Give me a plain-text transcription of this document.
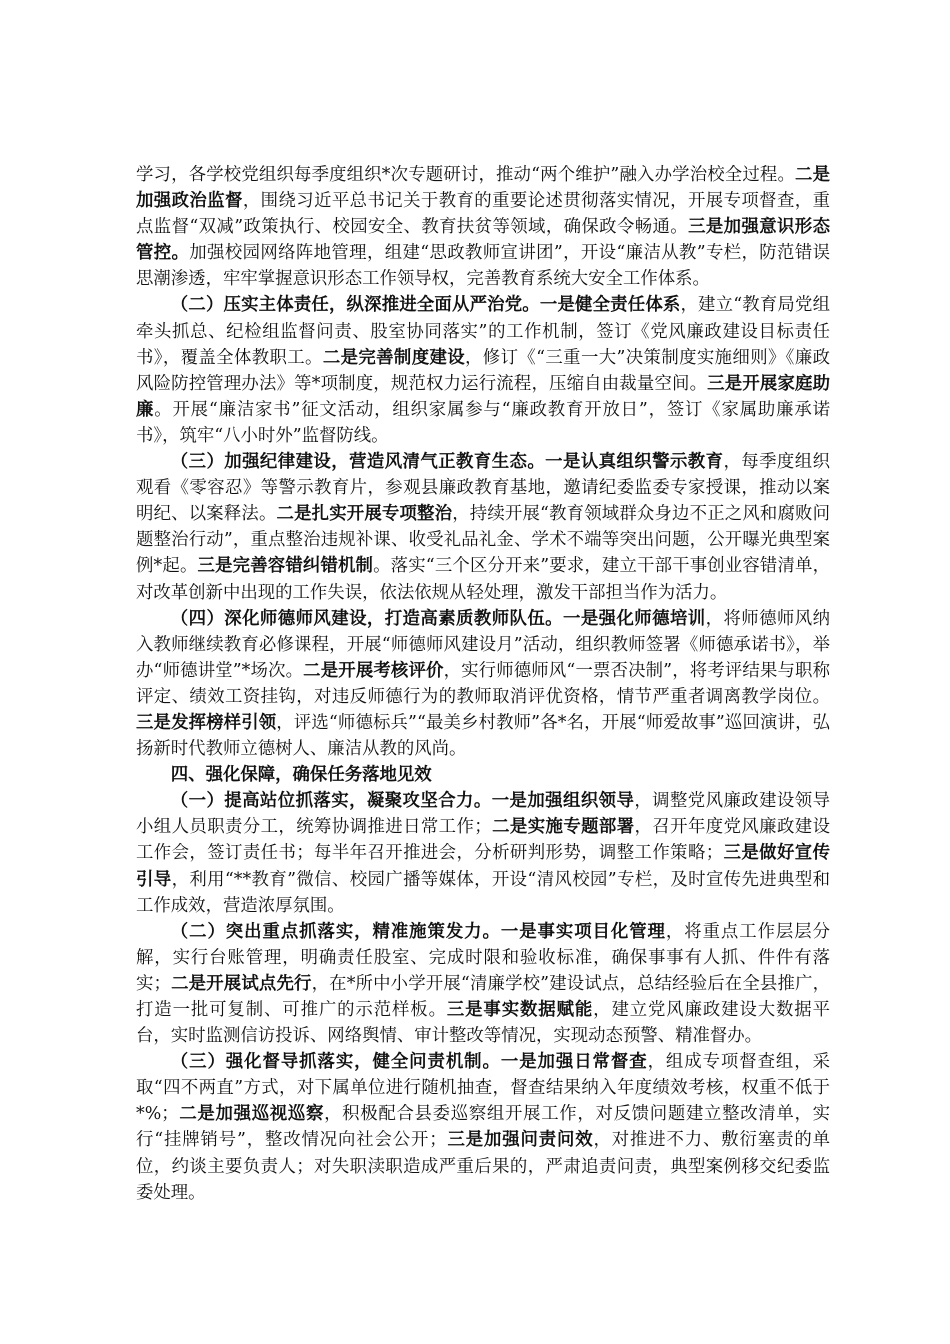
学习，各学校党组织每季度组织*次专题研讨，推动“两个维护”融入办学治校全过程。二是加强政治监督，围绕习近平总书记关于教育的重要论述贯彻落实情况，开展专项督查，重点监督“双减”政策执行、校园安全、教育扶贫等领域，确保政令畅通。三是加强意识形态管控。加强校园网络阵地管理，组建“思政教师宣讲团”，开设“廉洁从教”专栏，防范错误思潮渗透，牢牢掌握意识形态工作领导权，完善教育系统大安全工作体系。

（二）压实主体责任，纵深推进全面从严治党。一是健全责任体系，建立“教育局党组牵头抓总、纪检组监督问责、股室协同落实”的工作机制，签订《党风廉政建设目标责任书》，覆盖全体教职工。二是完善制度建设，修订《“三重一大”决策制度实施细则》《廉政风险防控管理办法》等*项制度，规范权力运行流程，压缩自由裁量空间。三是开展家庭助廉。开展“廉洁家书”征文活动，组织家属参与“廉政教育开放日”，签订《家属助廉承诺书》，筑牢“八小时外”监督防线。

（三）加强纪律建设，营造风清气正教育生态。一是认真组织警示教育，每季度组织观看《零容忍》等警示教育片，参观县廉政教育基地，邀请纪委监委专家授课，推动以案明纪、以案释法。二是扎实开展专项整治，持续开展“教育领域群众身边不正之风和腐败问题整治行动”，重点整治违规补课、收受礼品礼金、学术不端等突出问题，公开曝光典型案例*起。三是完善容错纠错机制。落实“三个区分开来”要求，建立干部干事创业容错清单，对改革创新中出现的工作失误，依法依规从轻处理，激发干部担当作为活力。

（四）深化师德师风建设，打造高素质教师队伍。一是强化师德培训，将师德师风纳入教师继续教育必修课程，开展“师德师风建设月”活动，组织教师签署《师德承诺书》，举办“师德讲堂”*场次。二是开展考核评价，实行师德师风“一票否决制”，将考评结果与职称评定、绩效工资挂钩，对违反师德行为的教师取消评优资格，情节严重者调离教学岗位。三是发挥榜样引领，评选“师德标兵”“最美乡村教师”各*名，开展“师爱故事”巡回演讲，弘扬新时代教师立德树人、廉洁从教的风尚。

四、强化保障，确保任务落地见效

（一）提高站位抓落实，凝聚攻坚合力。一是加强组织领导，调整党风廉政建设领导小组人员职责分工，统筹协调推进日常工作；二是实施专题部署，召开年度党风廉政建设工作会，签订责任书；每半年召开推进会，分析研判形势，调整工作策略；三是做好宣传引导，利用“**教育”微信、校园广播等媒体，开设“清风校园”专栏，及时宣传先进典型和工作成效，营造浓厚氛围。

（二）突出重点抓落实，精准施策发力。一是事实项目化管理，将重点工作层层分解，实行台账管理，明确责任股室、完成时限和验收标准，确保事事有人抓、件件有落实；二是开展试点先行，在*所中小学开展“清廉学校”建设试点，总结经验后在全县推广，打造一批可复制、可推广的示范样板。三是事实数据赋能，建立党风廉政建设大数据平台，实时监测信访投诉、网络舆情、审计整改等情况，实现动态预警、精准督办。

（三）强化督导抓落实，健全问责机制。一是加强日常督查，组成专项督查组，采取“四不两直”方式，对下属单位进行随机抽查，督查结果纳入年度绩效考核，权重不低于*%；二是加强巡视巡察，积极配合县委巡察组开展工作，对反馈问题建立整改清单，实行“挂牌销号”，整改情况向社会公开；三是加强问责问效，对推进不力、敷衍塞责的单位，约谈主要负责人；对失职渎职造成严重后果的，严肃追责问责，典型案例移交纪委监委处理。
